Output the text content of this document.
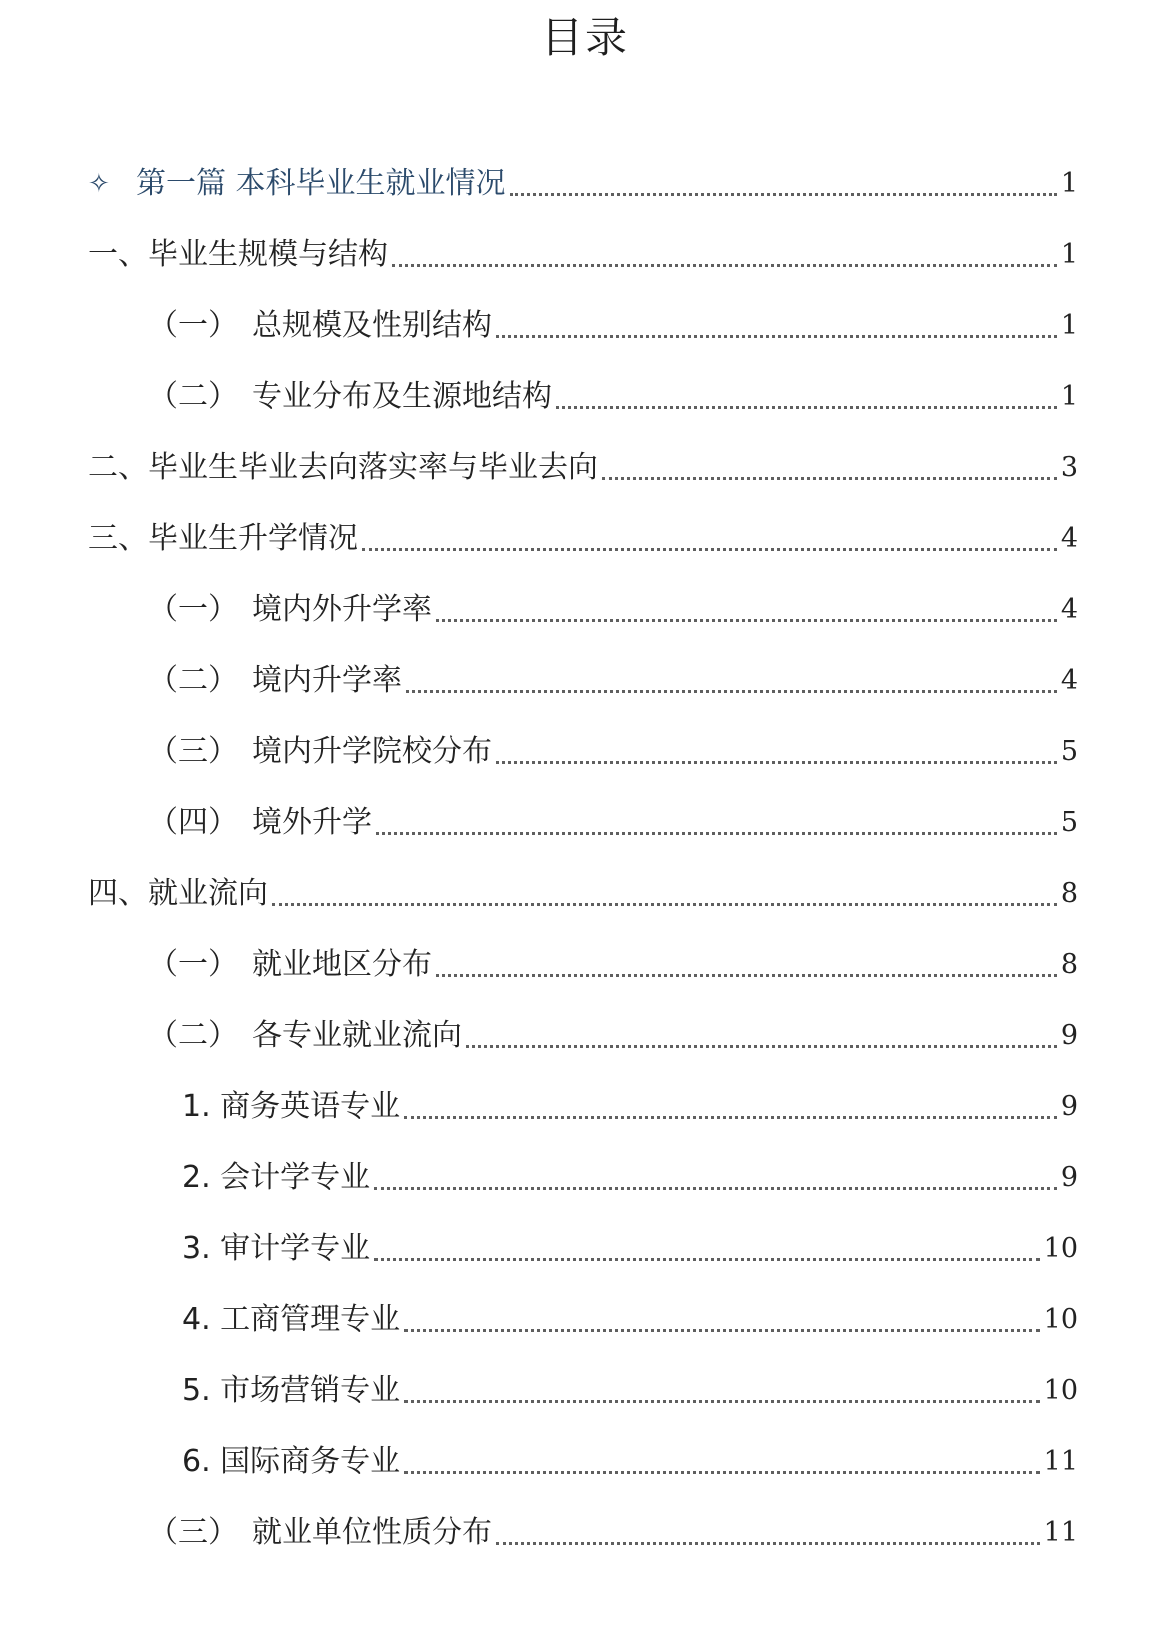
目录
✧ 第一篇 本科毕业生就业情况	1
一、毕业生规模与结构	1
（一） 总规模及性别结构	1
（二） 专业分布及生源地结构	1
二、毕业生毕业去向落实率与毕业去向	3
三、毕业生升学情况	4
（一） 境内外升学率	4
（二） 境内升学率	4
（三） 境内升学院校分布	5
（四） 境外升学	5
四、就业流向	8
（一） 就业地区分布	8
（二） 各专业就业流向	9
1. 商务英语专业	9
2. 会计学专业	9
3. 审计学专业	10
4. 工商管理专业	10
5. 市场营销专业	10
6. 国际商务专业	11
（三） 就业单位性质分布	11
